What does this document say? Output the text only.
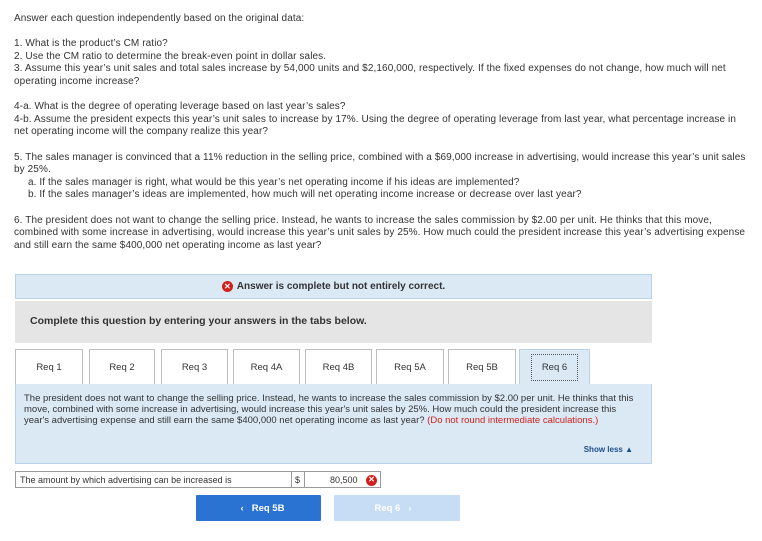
Answer each question independently based on the original data:

1. What is the product’s CM ratio?

2. Use the CM ratio to determine the break-even point in dollar sales.

3. Assume this year’s unit sales and total sales increase by 54,000 units and $2,160,000, respectively. If the fixed expenses do not change, how much will net operating income increase?

4-a. What is the degree of operating leverage based on last year’s sales?

4-b. Assume the president expects this year’s unit sales to increase by 17%. Using the degree of operating leverage from last year, what percentage increase in net operating income will the company realize this year?

5. The sales manager is convinced that a 11% reduction in the selling price, combined with a $69,000 increase in advertising, would increase this year’s unit sales by 25%.

a. If the sales manager is right, what would be this year’s net operating income if his ideas are implemented?

b. If the sales manager’s ideas are implemented, how much will net operating income increase or decrease over last year?

6. The president does not want to change the selling price. Instead, he wants to increase the sales commission by $2.00 per unit. He thinks that this move, combined with some increase in advertising, would increase this year’s unit sales by 25%. How much could the president increase this year’s advertising expense and still earn the same $400,000 net operating income as last year?

✕ Answer is complete but not entirely correct.
Complete this question by entering your answers in the tabs below.
Req 1	Req 2	Req 3	Req 4A	Req 4B	Req 5A	Req 5B	Req 6
The president does not want to change the selling price. Instead, he wants to increase the sales commission by $2.00 per unit. He thinks that this move, combined with some increase in advertising, would increase this year's unit sales by 25%. How much could the president increase this year's advertising expense and still earn the same $400,000 net operating income as last year? (Do not round intermediate calculations.)
Show less ▲
The amount by which advertising can be increased is	$	80,500 ✕
‹ Req 5B	Req 6 ›
